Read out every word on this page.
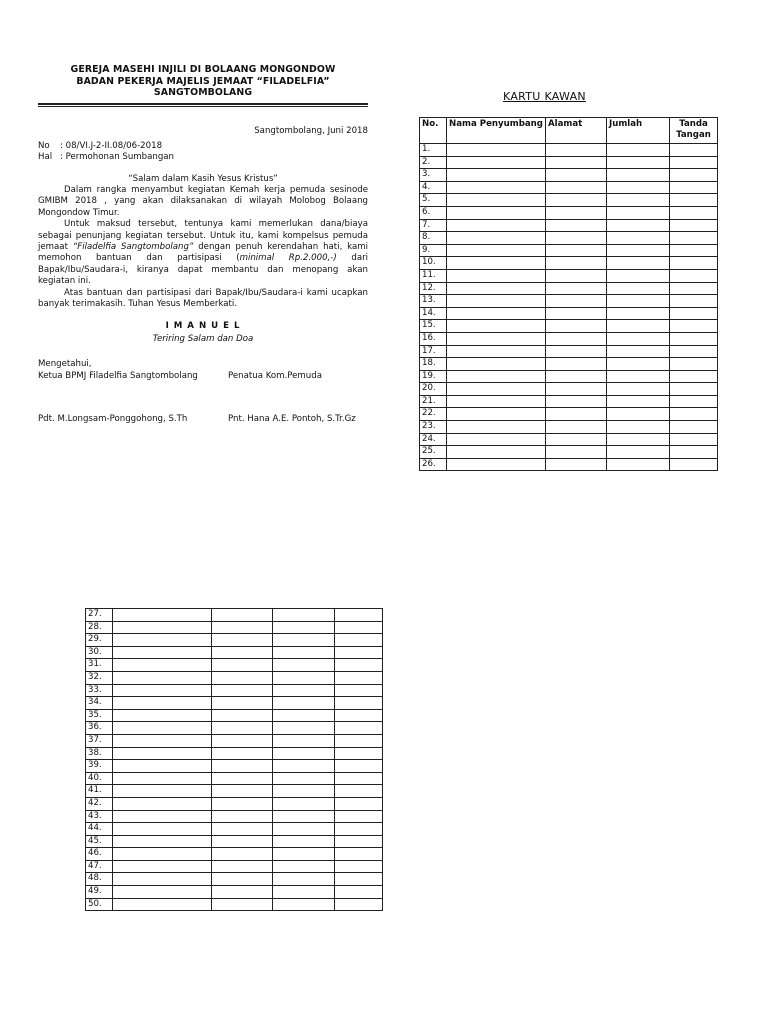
GEREJA MASEHI INJILI DI BOLAANG MONGONDOW
BADAN PEKERJA MAJELIS JEMAAT “FILADELFIA”
SANGTOMBOLANG
Sangtombolang, Juni 2018
No	: 08/VI.J-2-II.08/06-2018
Hal : Permohonan Sumbangan
“Salam dalam Kasih Yesus Kristus”
Dalam rangka menyambut kegiatan Kemah kerja pemuda sesinode GMIBM 2018 , yang akan dilaksanakan di wilayah Molobog Bolaang Mongondow Timur.
Untuk maksud tersebut, tentunya kami memerlukan dana/biaya sebagai penunjang kegiatan tersebut. Untuk itu, kami kompelsus pemuda jemaat “Filadelfia Sangtombolang” dengan penuh kerendahan hati, kami memohon bantuan dan partisipasi (minimal Rp.2.000,-) dari Bapak/Ibu/Saudara-i, kiranya dapat membantu dan menopang akan kegiatan ini.
Atas bantuan dan partisipasi dari Bapak/Ibu/Saudara-i kami ucapkan banyak terimakasih. Tuhan Yesus Memberkati.
I M A N U E L
Teriring Salam dan Doa
Mengetahui,
Ketua BPMJ Filadelfia Sangtombolang	Penatua Kom.Pemuda
Pdt. M.Longsam-Ponggohong, S.Th	Pnt. Hana A.E. Pontoh, S.Tr.Gz
KARTU KAWAN
No.	Nama Penyumbang	Alamat	Jumlah	Tanda Tangan
1.				
2.				
3.				
4.				
5.				
6.				
7.				
8.				
9.				
10.				
11.				
12.				
13.				
14.				
15.				
16.				
17.				
18.				
19.				
20.				
21.				
22.				
23.				
24.				
25.				
26.				
27.				
28.				
29.				
30.				
31.				
32.				
33.				
34.				
35.				
36.				
37.				
38.				
39.				
40.				
41.				
42.				
43.				
44.				
45.				
46.				
47.				
48.				
49.				
50.				
